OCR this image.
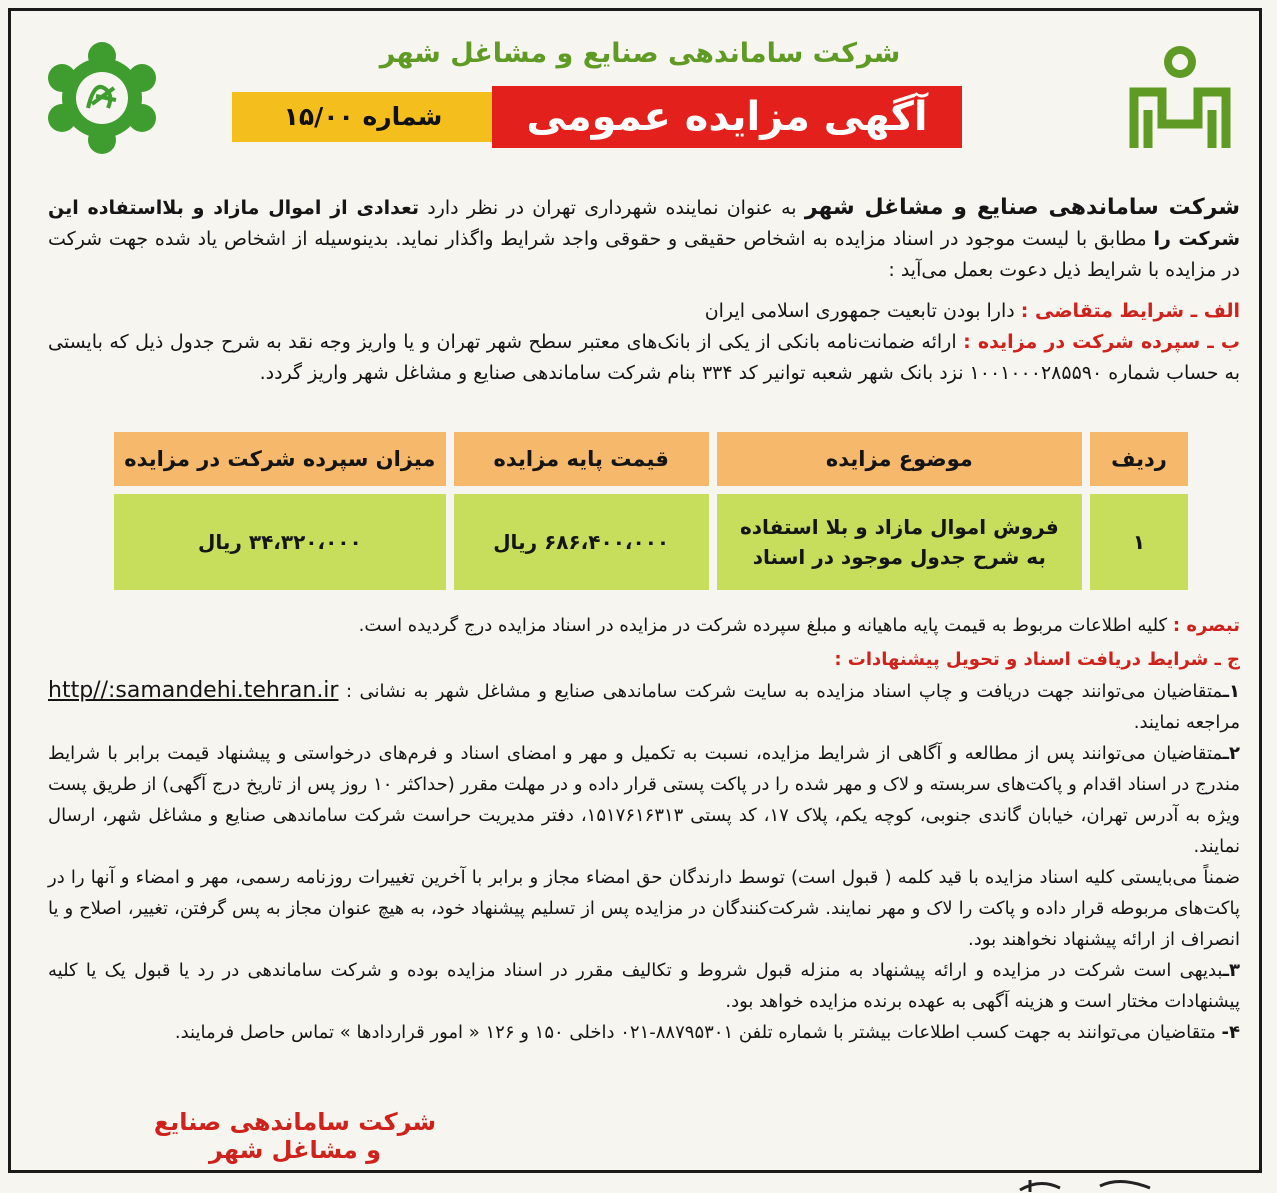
شرکت ساماندهی صنایع و مشاغل شهر
شماره ۱۵/۰۰	آگهی مزایده عمومی
شرکت ساماندهی صنایع و مشاغل شهر به عنوان نماینده شهرداری تهران در نظر دارد تعدادی از اموال مازاد و بلااستفاده این شرکت را مطابق با لیست موجود در اسناد مزایده به اشخاص حقیقی و حقوقی واجد شرایط واگذار نماید. بدینوسیله از اشخاص یاد شده جهت شرکت در مزایده با شرایط ذیل دعوت بعمل می‌آید :
الف ـ شرایط متقاضی : دارا بودن تابعیت جمهوری اسلامی ایران
ب ـ سپرده شرکت در مزایده : ارائه ضمانت‌نامه بانکی از یکی از بانک‌های معتبر سطح شهر تهران و یا واریز وجه نقد به شرح جدول ذیل که بایستی به حساب شماره ۱۰۰۱۰۰۰۲۸۵۵۹۰ نزد بانک شهر شعبه توانیر کد ۳۳۴ بنام شرکت ساماندهی صنایع و مشاغل شهر واریز گردد.
ردیف	موضوع مزایده	قیمت پایه مزایده	میزان سپرده شرکت در مزایده
۱	فروش اموال مازاد و بلا استفاده
به شرح جدول موجود در اسناد	۶۸۶،۴۰۰،۰۰۰ ریال	۳۴،۳۲۰،۰۰۰ ریال
تبصره : کلیه اطلاعات مربوط به قیمت پایه ماهیانه و مبلغ سپرده شرکت در مزایده در اسناد مزایده درج گردیده است.
ج ـ شرایط دریافت اسناد و تحویل پیشنهادات :

۱ـمتقاضیان می‌توانند جهت دریافت و چاپ اسناد مزایده به سایت شرکت ساماندهی صنایع و مشاغل شهر به نشانی : http//:samandehi.tehran.ir مراجعه نمایند.

۲ـمتقاضیان می‌توانند پس از مطالعه و آگاهی از شرایط مزایده، نسبت به تکمیل و مهر و امضای اسناد و فرم‌های درخواستی و پیشنهاد قیمت برابر با شرایط مندرج در اسناد اقدام و پاکت‌های سربسته و لاک و مهر شده را در پاکت پستی قرار داده و در مهلت مقرر (حداکثر ۱۰ روز پس از تاریخ درج آگهی) از طریق پست ویژه به آدرس تهران، خیابان گاندی جنوبی، کوچه یکم، پلاک ۱۷، کد پستی ۱۵۱۷۶۱۶۳۱۳، دفتر مدیریت حراست شرکت ساماندهی صنایع و مشاغل شهر، ارسال نمایند.

ضمناً می‌بایستی کلیه اسناد مزایده با قید کلمه ( قبول است) توسط دارندگان حق امضاء مجاز و برابر با آخرین تغییرات روزنامه رسمی، مهر و امضاء و آنها را در پاکت‌های مربوطه قرار داده و پاکت را لاک و مهر نمایند. شرکت‌کنندگان در مزایده پس از تسلیم پیشنهاد خود، به هیچ عنوان مجاز به پس گرفتن، تغییر، اصلاح و یا انصراف از ارائه پیشنهاد نخواهند بود.

۳ـبدیهی است شرکت در مزایده و ارائه پیشنهاد به منزله قبول شروط و تکالیف مقرر در اسناد مزایده بوده و شرکت ساماندهی در رد یا قبول یک یا کلیه پیشنهادات مختار است و هزینه آگهی به عهده برنده مزایده خواهد بود.

۴- متقاضیان می‌توانند به جهت کسب اطلاعات بیشتر با شماره تلفن ۸۸۷۹۵۳۰۱-۰۲۱ داخلی ۱۵۰ و ۱۲۶ « امور قراردادها » تماس حاصل فرمایند.

شرکت ساماندهی صنایع و مشاغل شهر
